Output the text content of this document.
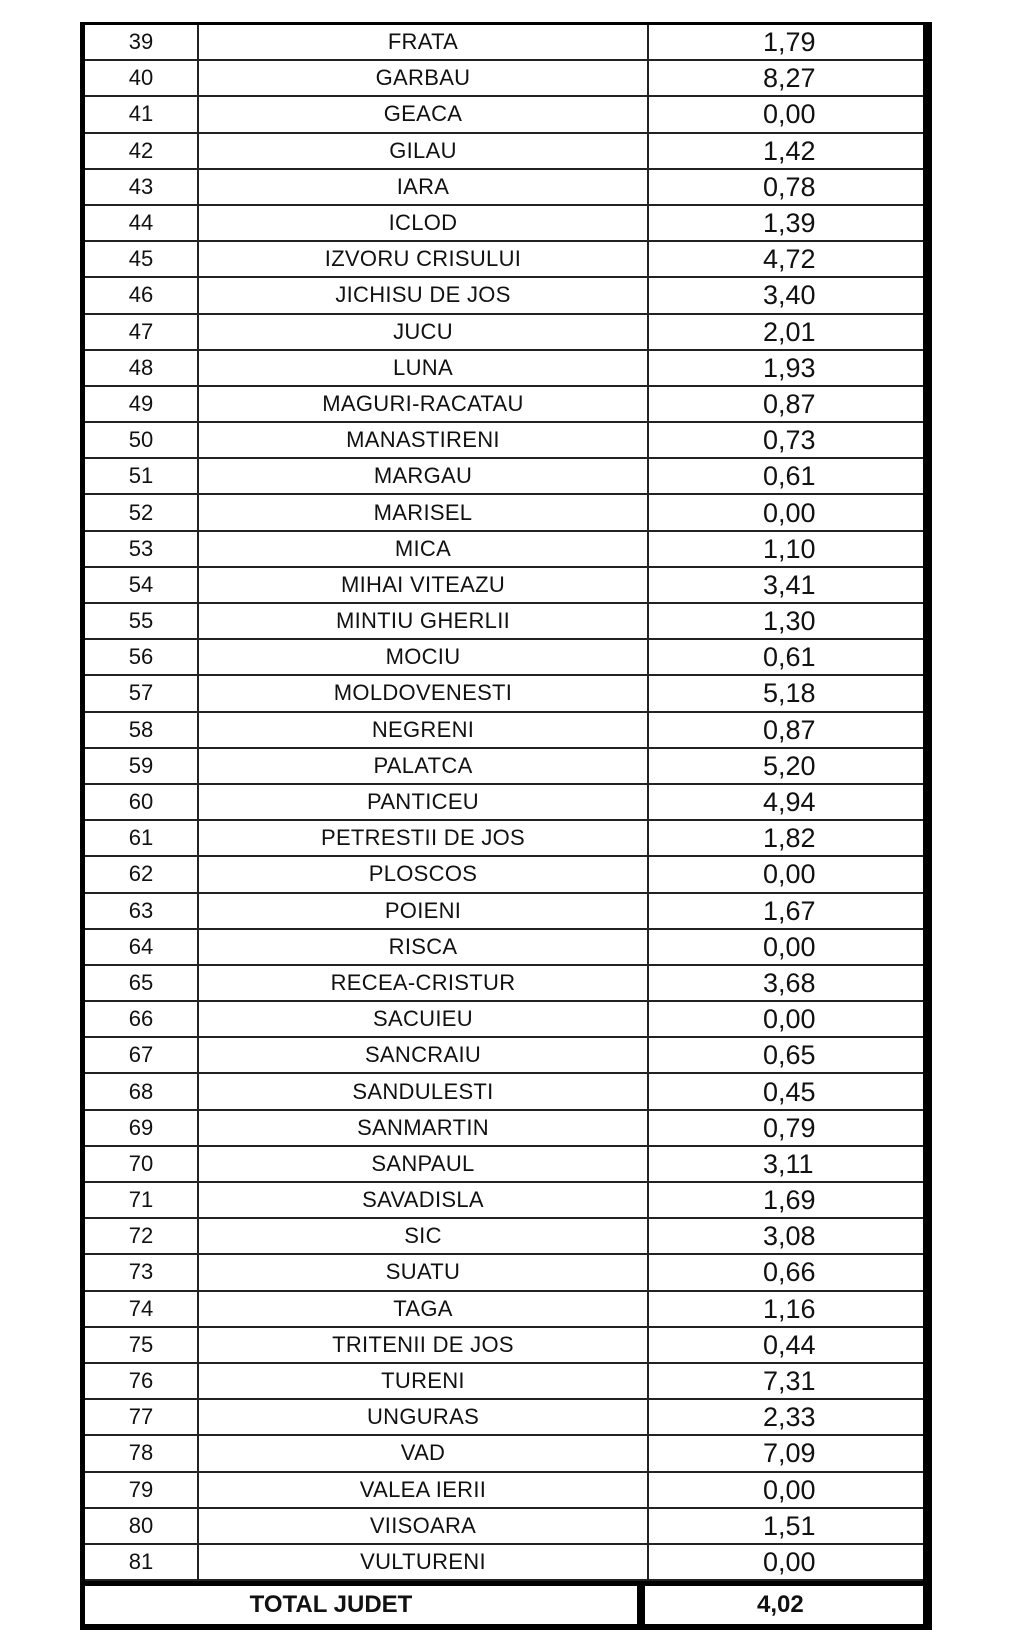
39	FRATA	1,79
40	GARBAU	8,27
41	GEACA	0,00
42	GILAU	1,42
43	IARA	0,78
44	ICLOD	1,39
45	IZVORU CRISULUI	4,72
46	JICHISU DE JOS	3,40
47	JUCU	2,01
48	LUNA	1,93
49	MAGURI-RACATAU	0,87
50	MANASTIRENI	0,73
51	MARGAU	0,61
52	MARISEL	0,00
53	MICA	1,10
54	MIHAI VITEAZU	3,41
55	MINTIU GHERLII	1,30
56	MOCIU	0,61
57	MOLDOVENESTI	5,18
58	NEGRENI	0,87
59	PALATCA	5,20
60	PANTICEU	4,94
61	PETRESTII DE JOS	1,82
62	PLOSCOS	0,00
63	POIENI	1,67
64	RISCA	0,00
65	RECEA-CRISTUR	3,68
66	SACUIEU	0,00
67	SANCRAIU	0,65
68	SANDULESTI	0,45
69	SANMARTIN	0,79
70	SANPAUL	3,11
71	SAVADISLA	1,69
72	SIC	3,08
73	SUATU	0,66
74	TAGA	1,16
75	TRITENII DE JOS	0,44
76	TURENI	7,31
77	UNGURAS	2,33
78	VAD	7,09
79	VALEA IERII	0,00
80	VIISOARA	1,51
81	VULTURENI	0,00
TOTAL JUDET	4,02
